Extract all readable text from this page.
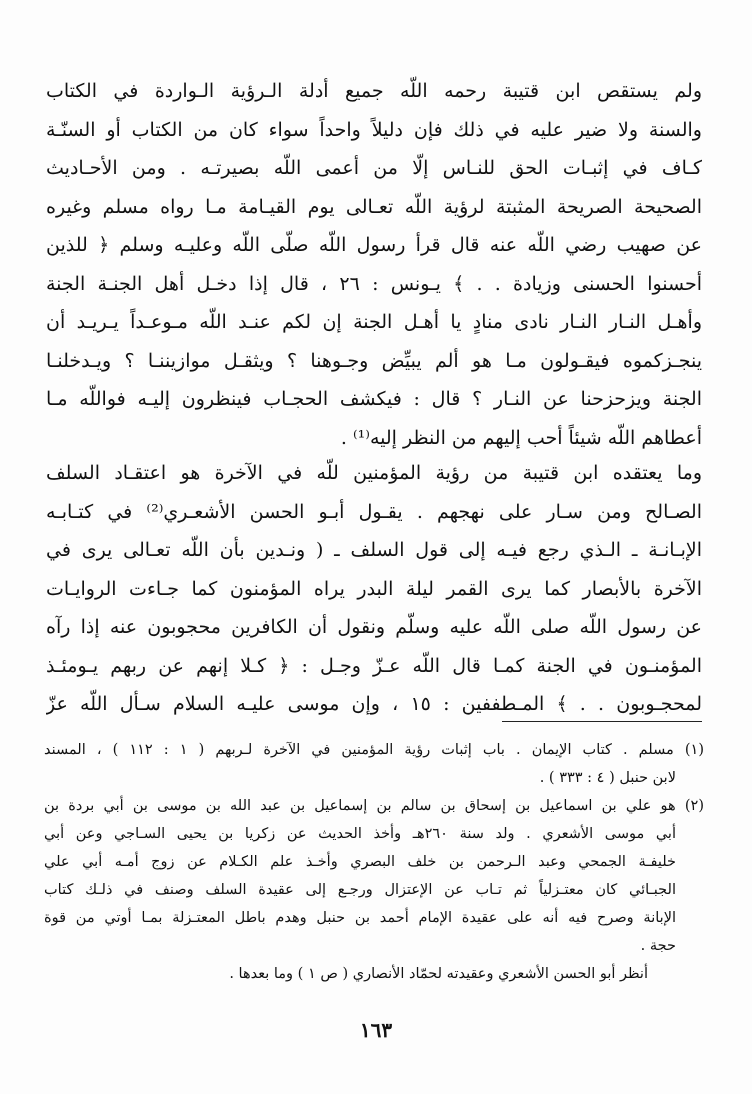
ولم يستقص ابن قتيبة رحمه اللّه جميع أدلة الـرؤية الـواردة في الكتاب
والسنة ولا ضير عليه في ذلك فإن دليلاً واحداً سواء كان من الكتاب أو السنّـة
كـاف في إثبـات الحق للنـاس إلّا من أعمى اللّه بصيرتـه . ومن الأحـاديث
الصحيحة الصريحة المثبتة لرؤية اللّه تعـالى يوم القيـامة مـا رواه مسلم وغيره
عن صهيب رضي اللّه عنه قال قرأ رسول اللّه صلّى اللّه وعليـه وسلم ﴿ للذين
أحسنوا الحسنى وزيادة . . ﴾ يـونس : ٢٦ ، قال إذا دخـل أهل الجنـة الجنة
وأهـل النـار النـار نادى منادٍ يا أهـل الجنة إن لكم عنـد اللّه مـوعـداً يـريـد أن
ينجـزكموه فيقـولون مـا هو ألم يبيِّض وجـوهنا ؟ ويثقـل موازيننـا ؟ ويـدخلنـا
الجنة ويزحزحنا عن النـار ؟ قال : فيكشف الحجـاب فينظرون إليـه فواللّه مـا
أعطاهم اللّه شيئاً أحب إليهم من النظر إليه⁽¹⁾ .
وما يعتقده ابن قتيبة من رؤية المؤمنين للّه في الآخرة هو اعتقـاد السلف
الصـالح ومن سـار على نهجهم . يقـول أبـو الحسن الأشعـري⁽²⁾ في كتـابـه
الإبـانـة ـ الـذي رجع فيـه إلى قول السلف ـ ( ونـدين بأن اللّه تعـالى يرى في
الآخرة بالأبصار كما يرى القمر ليلة البدر يراه المؤمنون كما جـاءت الروايـات
عن رسول اللّه صلى اللّه عليه وسلّم ونقول أن الكافرين محجوبون عنه إذا رآه
المؤمنـون في الجنة كمـا قال اللّه عـزّ وجـل : ﴿ كـلا إنهم عن ربهم يـومئـذ
لمحجـوبون . . ﴾ المـطففين : ١٥ ، وإن موسى عليـه السلام سـأل اللّه عزّ
(١) مسلم . كتاب الإيمان . باب إثبات رؤية المؤمنين في الآخرة لـربهم ( ١ : ١١٢ ) ، المسند
لابن حنبل ( ٤ : ٣٣٣ ) .
(٢) هو علي بن اسماعيل بن إسحاق بن سالم بن إسماعيل بن عبد الله بن موسى بن أبي بردة بن
أبي موسى الأشعري . ولد سنة ٢٦٠هـ وأخذ الحديث عن زكريا بن يحيى السـاجي وعن أبي
خليفـة الجمحي وعبد الـرحمن بن خلف البصري وأخـذ علم الكـلام عن زوج أمـه أبي علي
الجبـائي كان معتـزلياً ثم تـاب عن الإعتزال ورجـع إلى عقيدة السلف وصنف في ذلـك كتاب
الإبانة وصرح فيه أنه على عقيدة الإمام أحمد بن حنبل وهدم باطل المعتـزلة بمـا أوتي من قوة
حجة .
أنظر أبو الحسن الأشعري وعقيدته لحمّاد الأنصاري ( ص ١ ) وما بعدها .
١٦٣
